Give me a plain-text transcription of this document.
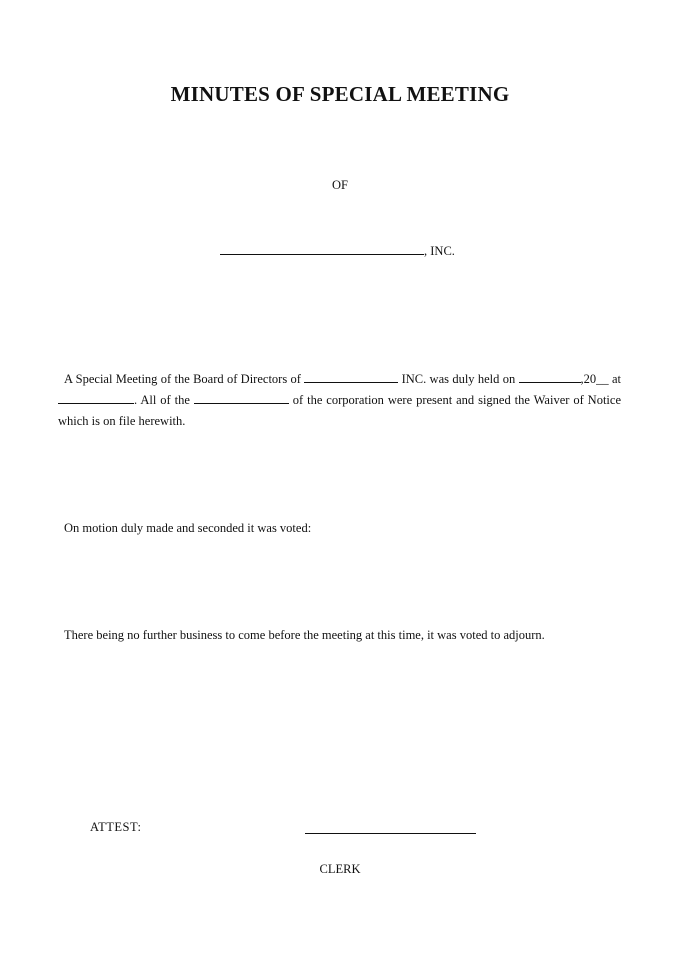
MINUTES OF SPECIAL MEETING
OF
, INC.
A Special Meeting of the Board of Directors of	INC. was duly held on	,20__ at . All of the	of the corporation were present and signed the Waiver of Notice which is on file herewith.
On motion duly made and seconded it was voted:
There being no further business to come before the meeting at this time, it was voted to adjourn.
ATTEST:
CLERK
